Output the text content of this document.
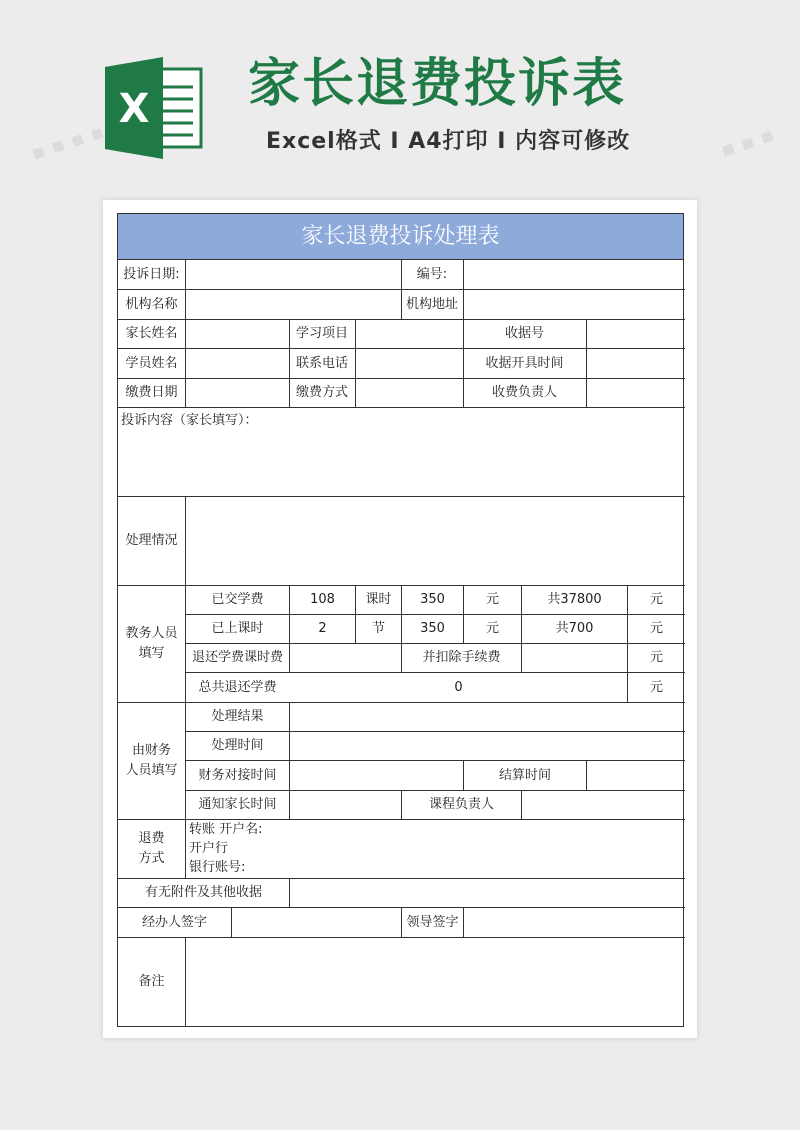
X 家长退费投诉表
Excel格式 I A4打印 I 内容可修改
家长退费投诉处理表
投诉日期:	编号:
机构名称	机构地址
家长姓名	学习项目	收据号
学员姓名	联系电话	收据开具时间
缴费日期	缴费方式	收费负责人
投诉内容（家长填写）：
处理情况
教务人员
填写
已交学费	108	课时	350	元	共37800	元
已上课时	2	节	350	元	共700	元
退还学费课时费	并扣除手续费	元
总共退还学费	0	元
由财务
人员填写
处理结果
处理时间
财务对接时间	结算时间
通知家长时间	课程负责人
退费
方式
转账 开户名:
开户行
银行账号:
有无附件及其他收据
经办人签字	领导签字
备注
▪ ▪ ▪ ▪	▪ ▪ ▪
